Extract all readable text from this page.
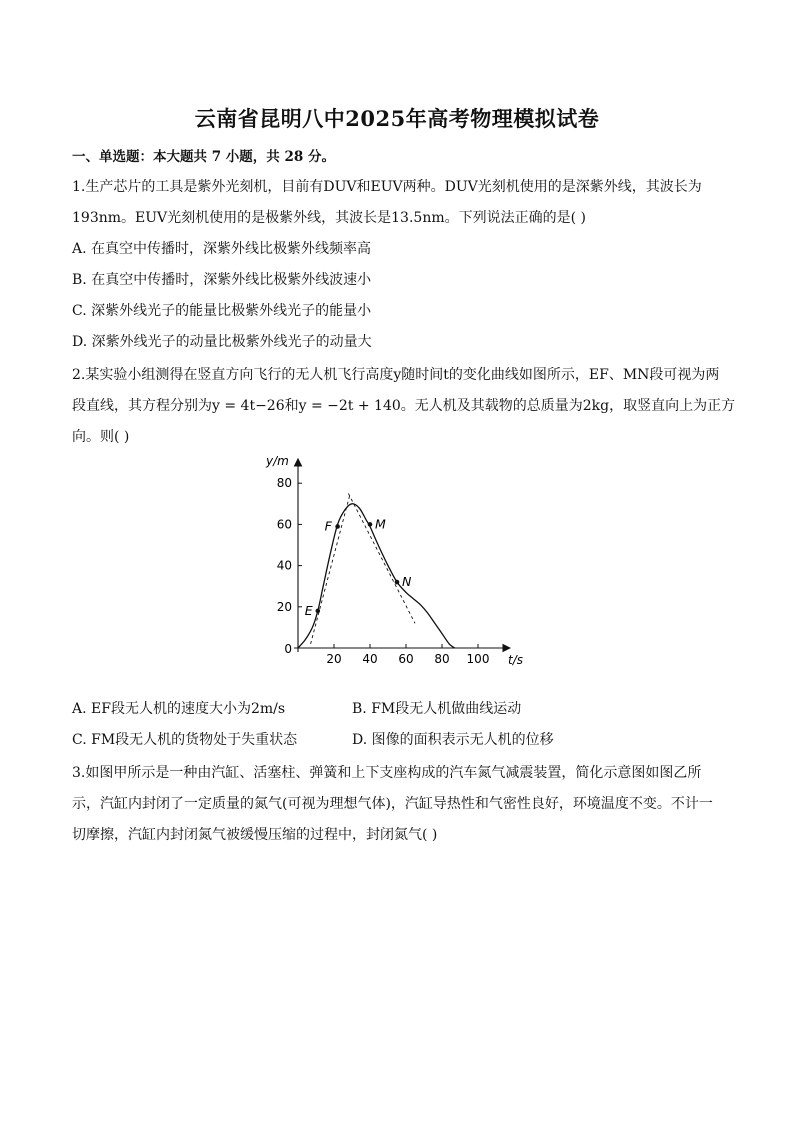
云南省昆明八中2025年高考物理模拟试卷
一、单选题：本大题共 7 小题，共 28 分。
1.生产芯片的工具是紫外光刻机，目前有DUV和EUV两种。DUV光刻机使用的是深紫外线，其波长为
193nm。EUV光刻机使用的是极紫外线，其波长是13.5nm。下列说法正确的是( )
A. 在真空中传播时，深紫外线比极紫外线频率高
B. 在真空中传播时，深紫外线比极紫外线波速小
C. 深紫外线光子的能量比极紫外线光子的能量小
D. 深紫外线光子的动量比极紫外线光子的动量大
2.某实验小组测得在竖直方向飞行的无人机飞行高度y随时间t的变化曲线如图所示，EF、MN段可视为两
段直线，其方程分别为y = 4t−26和y = −2t + 140。无人机及其载物的总质量为2kg，取竖直向上为正方
向。则( )
20 40 60 80 100
20
40
60
80
0
t/s
y/m
E
F	M
N
A. EF段无人机的速度大小为2m/s	B. FM段无人机做曲线运动
C. FM段无人机的货物处于失重状态	D. 图像的面积表示无人机的位移
3.如图甲所示是一种由汽缸、活塞柱、弹簧和上下支座构成的汽车氮气减震装置，简化示意图如图乙所
示，汽缸内封闭了一定质量的氮气(可视为理想气体)，汽缸导热性和气密性良好，环境温度不变。不计一
切摩擦，汽缸内封闭氮气被缓慢压缩的过程中，封闭氮气( )
